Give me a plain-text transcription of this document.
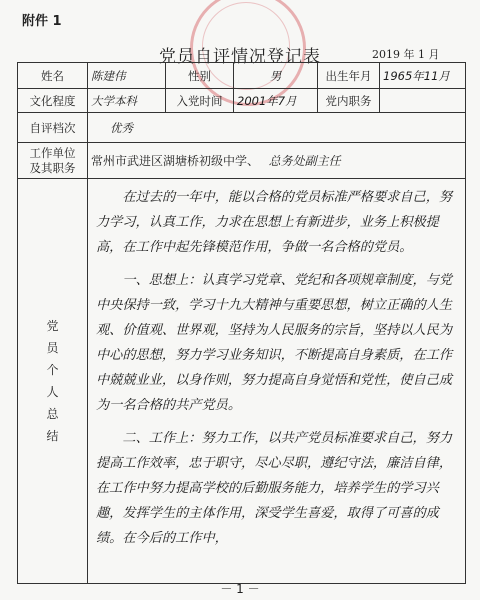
附件 1
党员自评情况登记表	2019 年 1 月
姓名	陈建伟	性别	男	出生年月	1965年11月
文化程度	大学本科	入党时间	2001年7月	党内职务	
自评档次	优秀				
工作单位
及其职务	常州市武进区湖塘桥初级中学、 总务处副主任				
党员个人总结	在过去的一年中，能以合格的党员标准严格要求自己，努力学习，认真工作，力求在思想上有新进步，业务上积极提高，在工作中起先锋模范作用，争做一名合格的党员。

一、思想上：认真学习党章、党纪和各项规章制度，与党中央保持一致，学习十九大精神与重要思想，树立正确的人生观、价值观、世界观，坚持为人民服务的宗旨，坚持以人民为中心的思想，努力学习业务知识，不断提高自身素质，在工作中兢兢业业，以身作则，努力提高自身觉悟和党性，使自己成为一名合格的共产党员。

二、工作上：努力工作，以共产党员标准要求自己，努力提高工作效率，忠于职守，尽心尽职，遵纪守法，廉洁自律，在工作中努力提高学校的后勤服务能力，培养学生的学习兴趣，发挥学生的主体作用，深受学生喜爱，取得了可喜的成绩。在今后的工作中，				

－ 1 －
